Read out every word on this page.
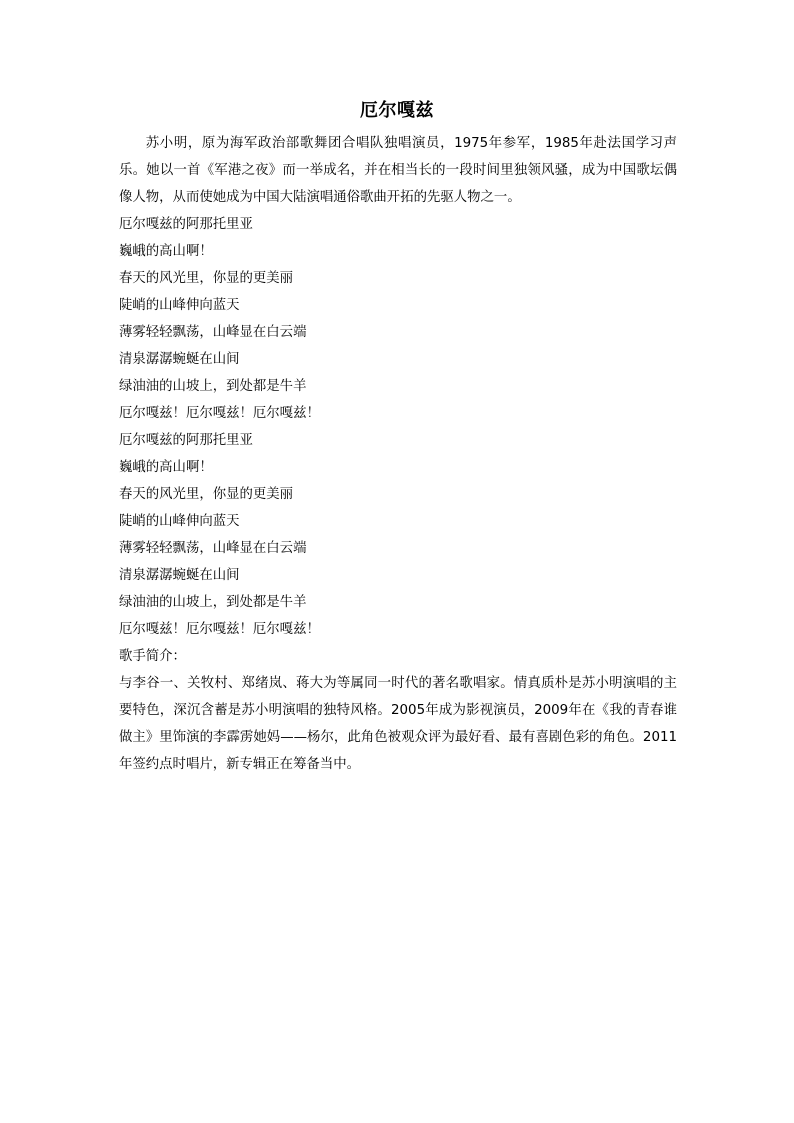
厄尔嘎兹

苏小明，原为海军政治部歌舞团合唱队独唱演员，1975年参军，1985年赴法国学习声乐。她以一首《军港之夜》而一举成名，并在相当长的一段时间里独领风骚，成为中国歌坛偶像人物，从而使她成为中国大陆演唱通俗歌曲开拓的先驱人物之一。

厄尔嘎兹的阿那托里亚

巍峨的高山啊！

春天的风光里，你显的更美丽

陡峭的山峰伸向蓝天

薄雾轻轻飘荡，山峰显在白云端

清泉潺潺蜿蜒在山间

绿油油的山坡上，到处都是牛羊

厄尔嘎兹！厄尔嘎兹！厄尔嘎兹！

厄尔嘎兹的阿那托里亚

巍峨的高山啊！

春天的风光里，你显的更美丽

陡峭的山峰伸向蓝天

薄雾轻轻飘荡，山峰显在白云端

清泉潺潺蜿蜒在山间

绿油油的山坡上，到处都是牛羊

厄尔嘎兹！厄尔嘎兹！厄尔嘎兹！

歌手简介：

与李谷一、关牧村、郑绪岚、蒋大为等属同一时代的著名歌唱家。情真质朴是苏小明演唱的主要特色，深沉含蓄是苏小明演唱的独特风格。2005年成为影视演员，2009年在《我的青春谁做主》里饰演的李霹雳她妈——杨尔，此角色被观众评为最好看、最有喜剧色彩的角色。2011年签约点时唱片，新专辑正在筹备当中。
